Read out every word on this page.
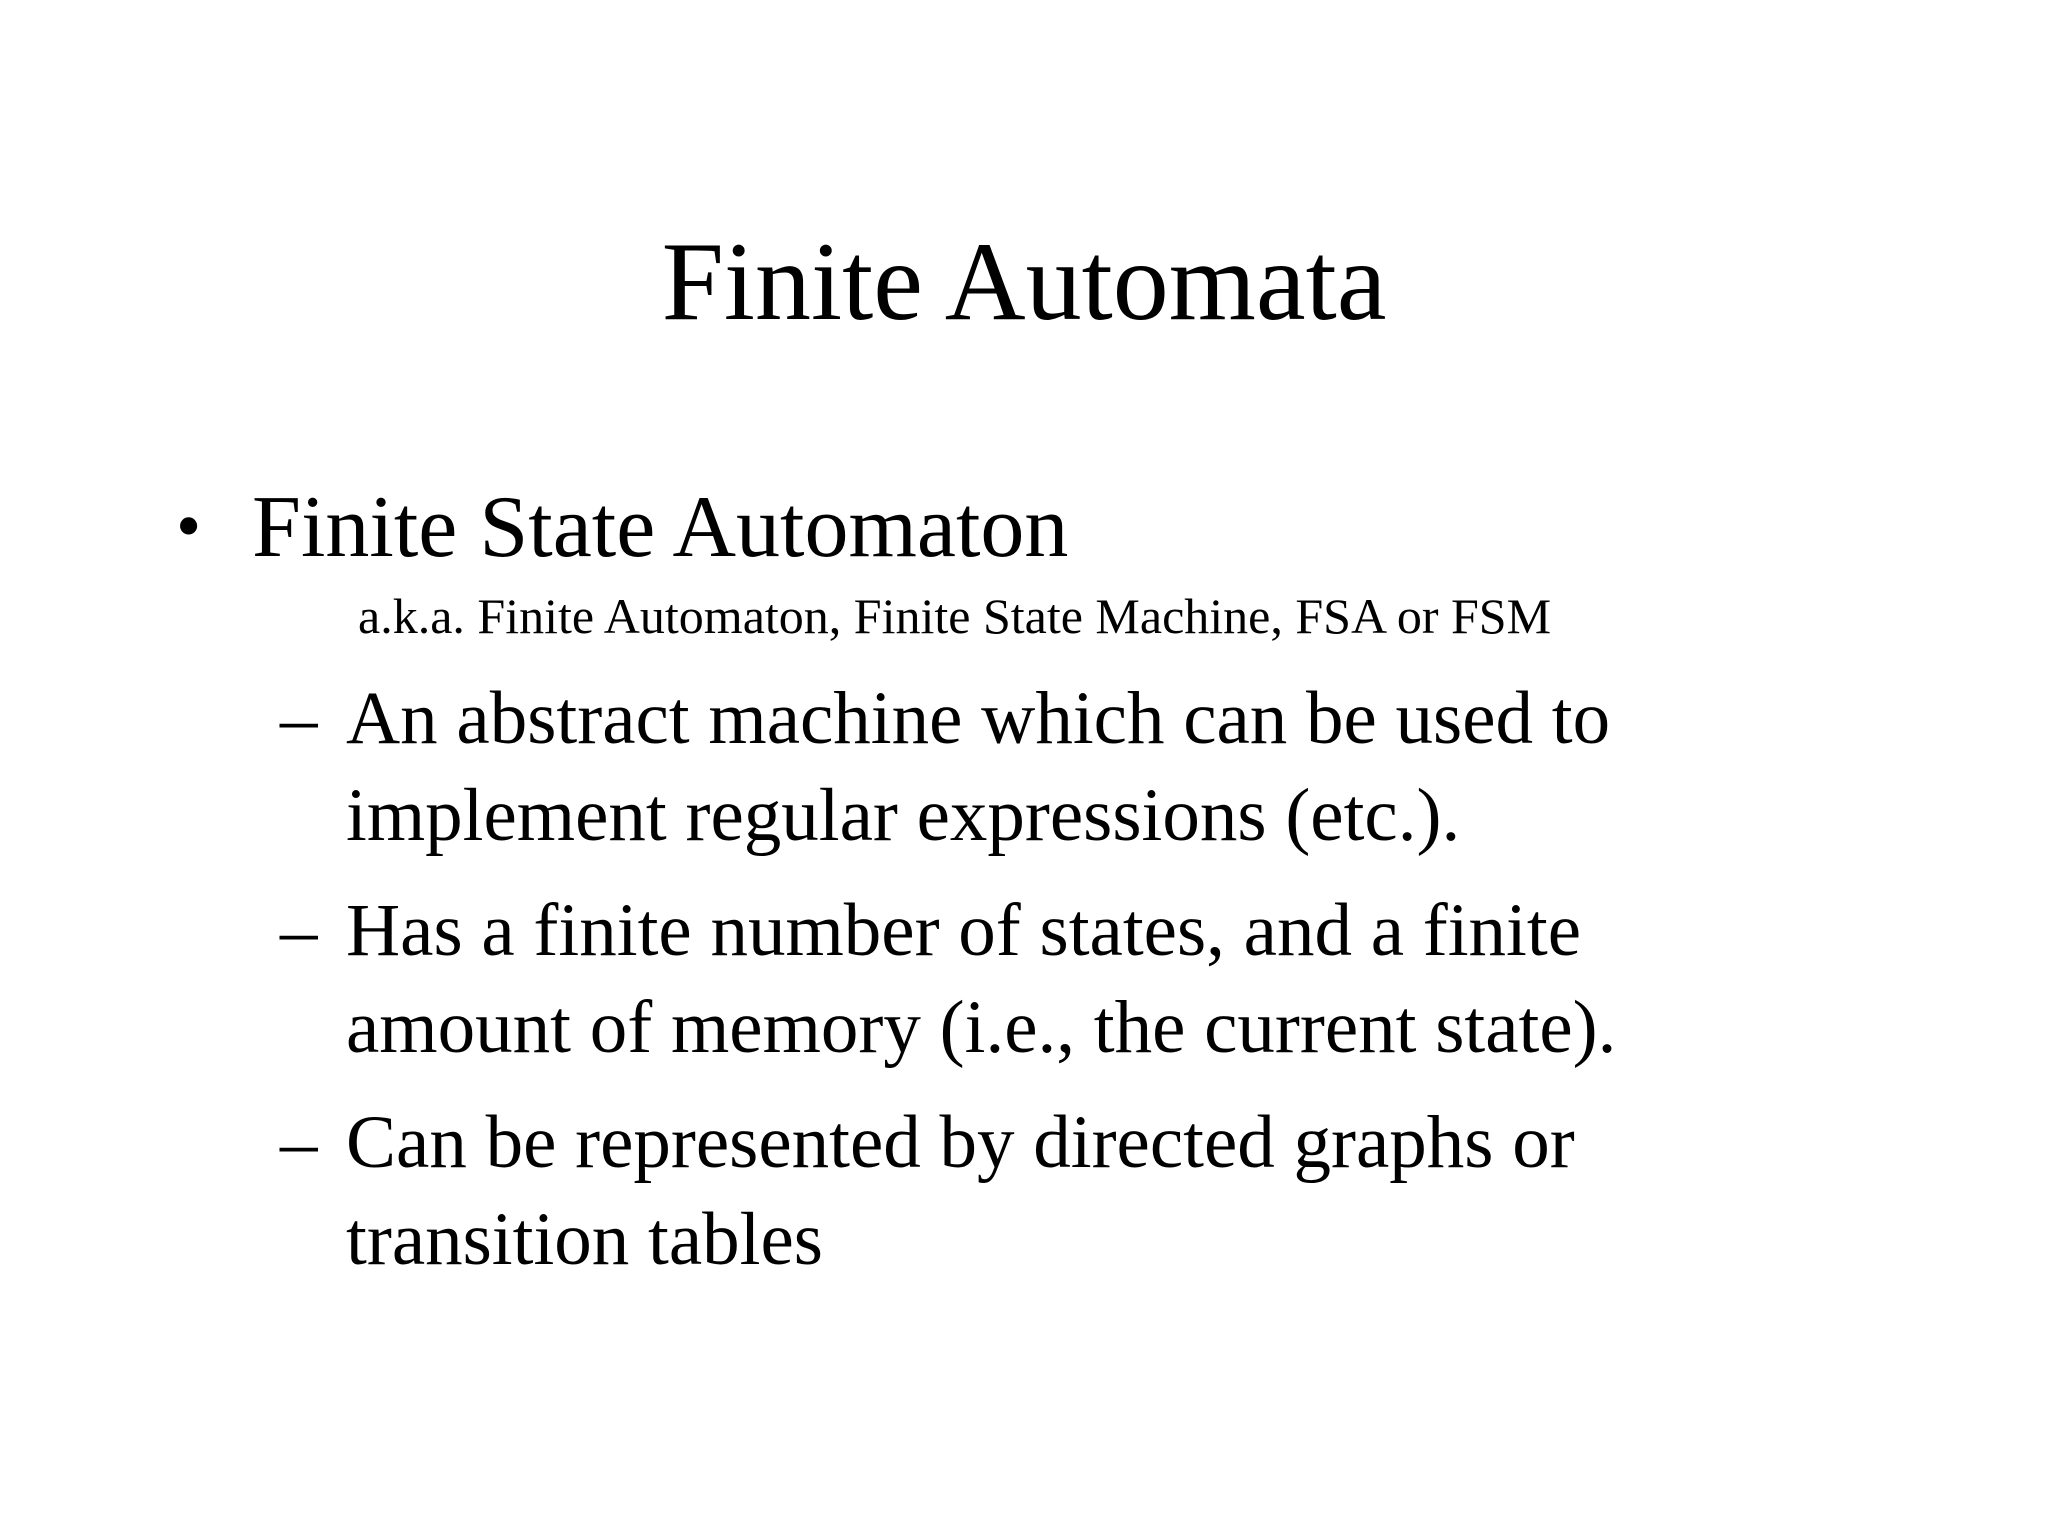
Finite Automata
• Finite State Automaton
a.k.a. Finite Automaton, Finite State Machine, FSA or FSM
– An abstract machine which can be used to implement regular expressions (etc.).
– Has a finite number of states, and a finite amount of memory (i.e., the current state).
– Can be represented by directed graphs or transition tables
